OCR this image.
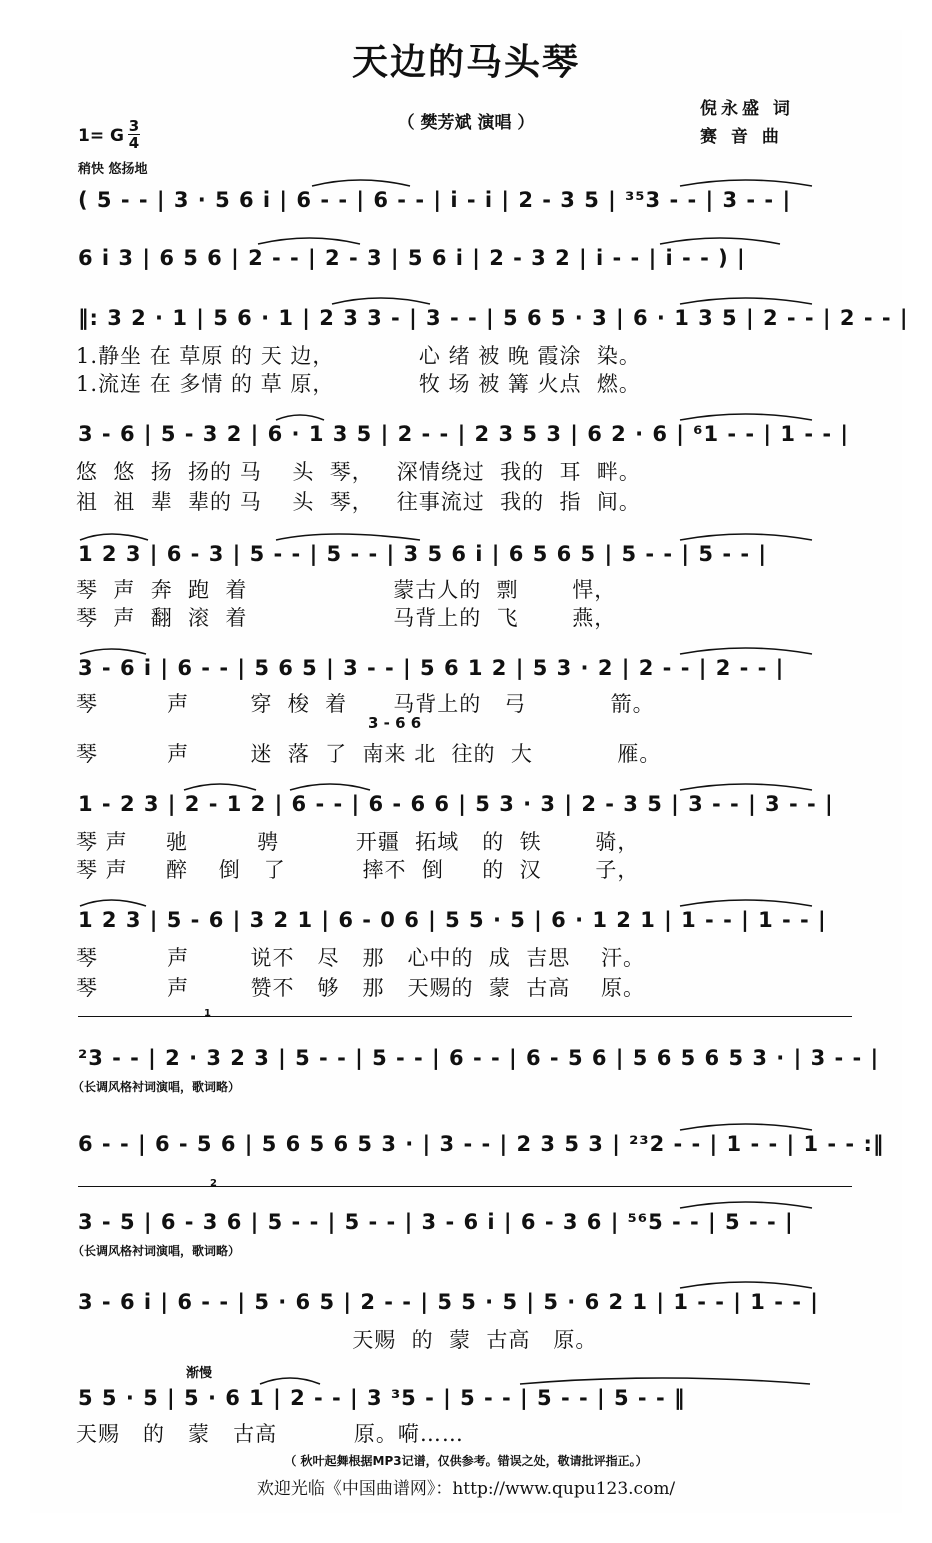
天边的马头琴
（ 樊芳斌 演唱 ）
倪永盛 词
赛 音 曲
1= G 3
4
稍快 悠扬地
( 5 - - | 3 · 5 6 i | 6 - - | 6 - - | i - i | 2 - 3 5 | ³⁵3 - - | 3 - - |
6 i 3 | 6 5 6 | 2 - - | 2 - 3 | 5 6 i | 2 - 3 2 | i - - | i - - ) |
‖: 3 2 · 1 | 5 6 · 1 | 2 3 3 - | 3 - - | 5 6 5 · 3 | 6 · 1 3 5 | 2 - - | 2 - - |
1.静坐 在 草原 的 天 边，           心 绪 被 晚 霞涂  染。
1.流连 在 多情 的 草 原，           牧 场 被 篝 火点  燃。
3 - 6 | 5 - 3 2 | 6 · 1 3 5 | 2 - - | 2 3 5 3 | 6 2 · 6 | ⁶1 - - | 1 - - |
悠  悠  扬  扬的 马    头  琴，   深情绕过  我的  耳  畔。
祖  祖  辈  辈的 马    头  琴，   往事流过  我的  指  间。
1 2 3 | 6 - 3 | 5 - - | 5 - - | 3 5 6 i | 6 5 6 5 | 5 - - | 5 - - |
琴  声  奔  跑  着                   蒙古人的  剽       悍，
琴  声  翻  滚  着                   马背上的  飞       燕，
3 - 6 i | 6 - - | 5 6 5 | 3 - - | 5 6 1 2 | 5 3 · 2 | 2 - - | 2 - - |
琴         声        穿  梭  着      马背上的   弓           箭。
3 - 6 6
琴         声        迷  落  了  南来 北  往的  大           雁。
1 - 2 3 | 2 - 1 2 | 6 - - | 6 - 6 6 | 5 3 · 3 | 2 - 3 5 | 3 - - | 3 - - |
琴 声     驰         骋          开疆  拓域   的  铁       骑，
琴 声     醉    倒   了          摔不  倒     的  汉       子，
1 2 3 | 5 - 6 | 3 2 1 | 6 - 0 6 | 5 5 · 5 | 6 · 1 2 1 | 1 - - | 1 - - |
琴         声        说不   尽   那   心中的  成  吉思    汗。
琴         声        赞不   够   那   天赐的  蒙  古高    原。
1
²3 - - | 2 · 3 2 3 | 5 - - | 5 - - | 6 - - | 6 - 5 6 | 5 6 5 6 5 3 · | 3 - - |
（长调风格衬词演唱，歌词略）
6 - - | 6 - 5 6 | 5 6 5 6 5 3 · | 3 - - | 2 3 5 3 | ²³2 - - | 1 - - | 1 - - :‖
2
3 - 5 | 6 - 3 6 | 5 - - | 5 - - | 3 - 6 i | 6 - 3 6 | ⁵⁶5 - - | 5 - - |
（长调风格衬词演唱，歌词略）
3 - 6 i | 6 - - | 5 · 6 5 | 2 - - | 5 5 · 5 | 5 · 6 2 1 | 1 - - | 1 - - |
天赐  的  蒙  古高   原。
渐慢
5 5 · 5 | 5 · 6 1 | 2 - - | 3 ³5 - | 5 - - | 5 - - | 5 - - ‖
天赐   的   蒙   古高          原。嗬……
（ 秋叶起舞根据MP3记谱，仅供参考。错误之处，敬请批评指正。）
欢迎光临《中国曲谱网》：http://www.qupu123.com/
